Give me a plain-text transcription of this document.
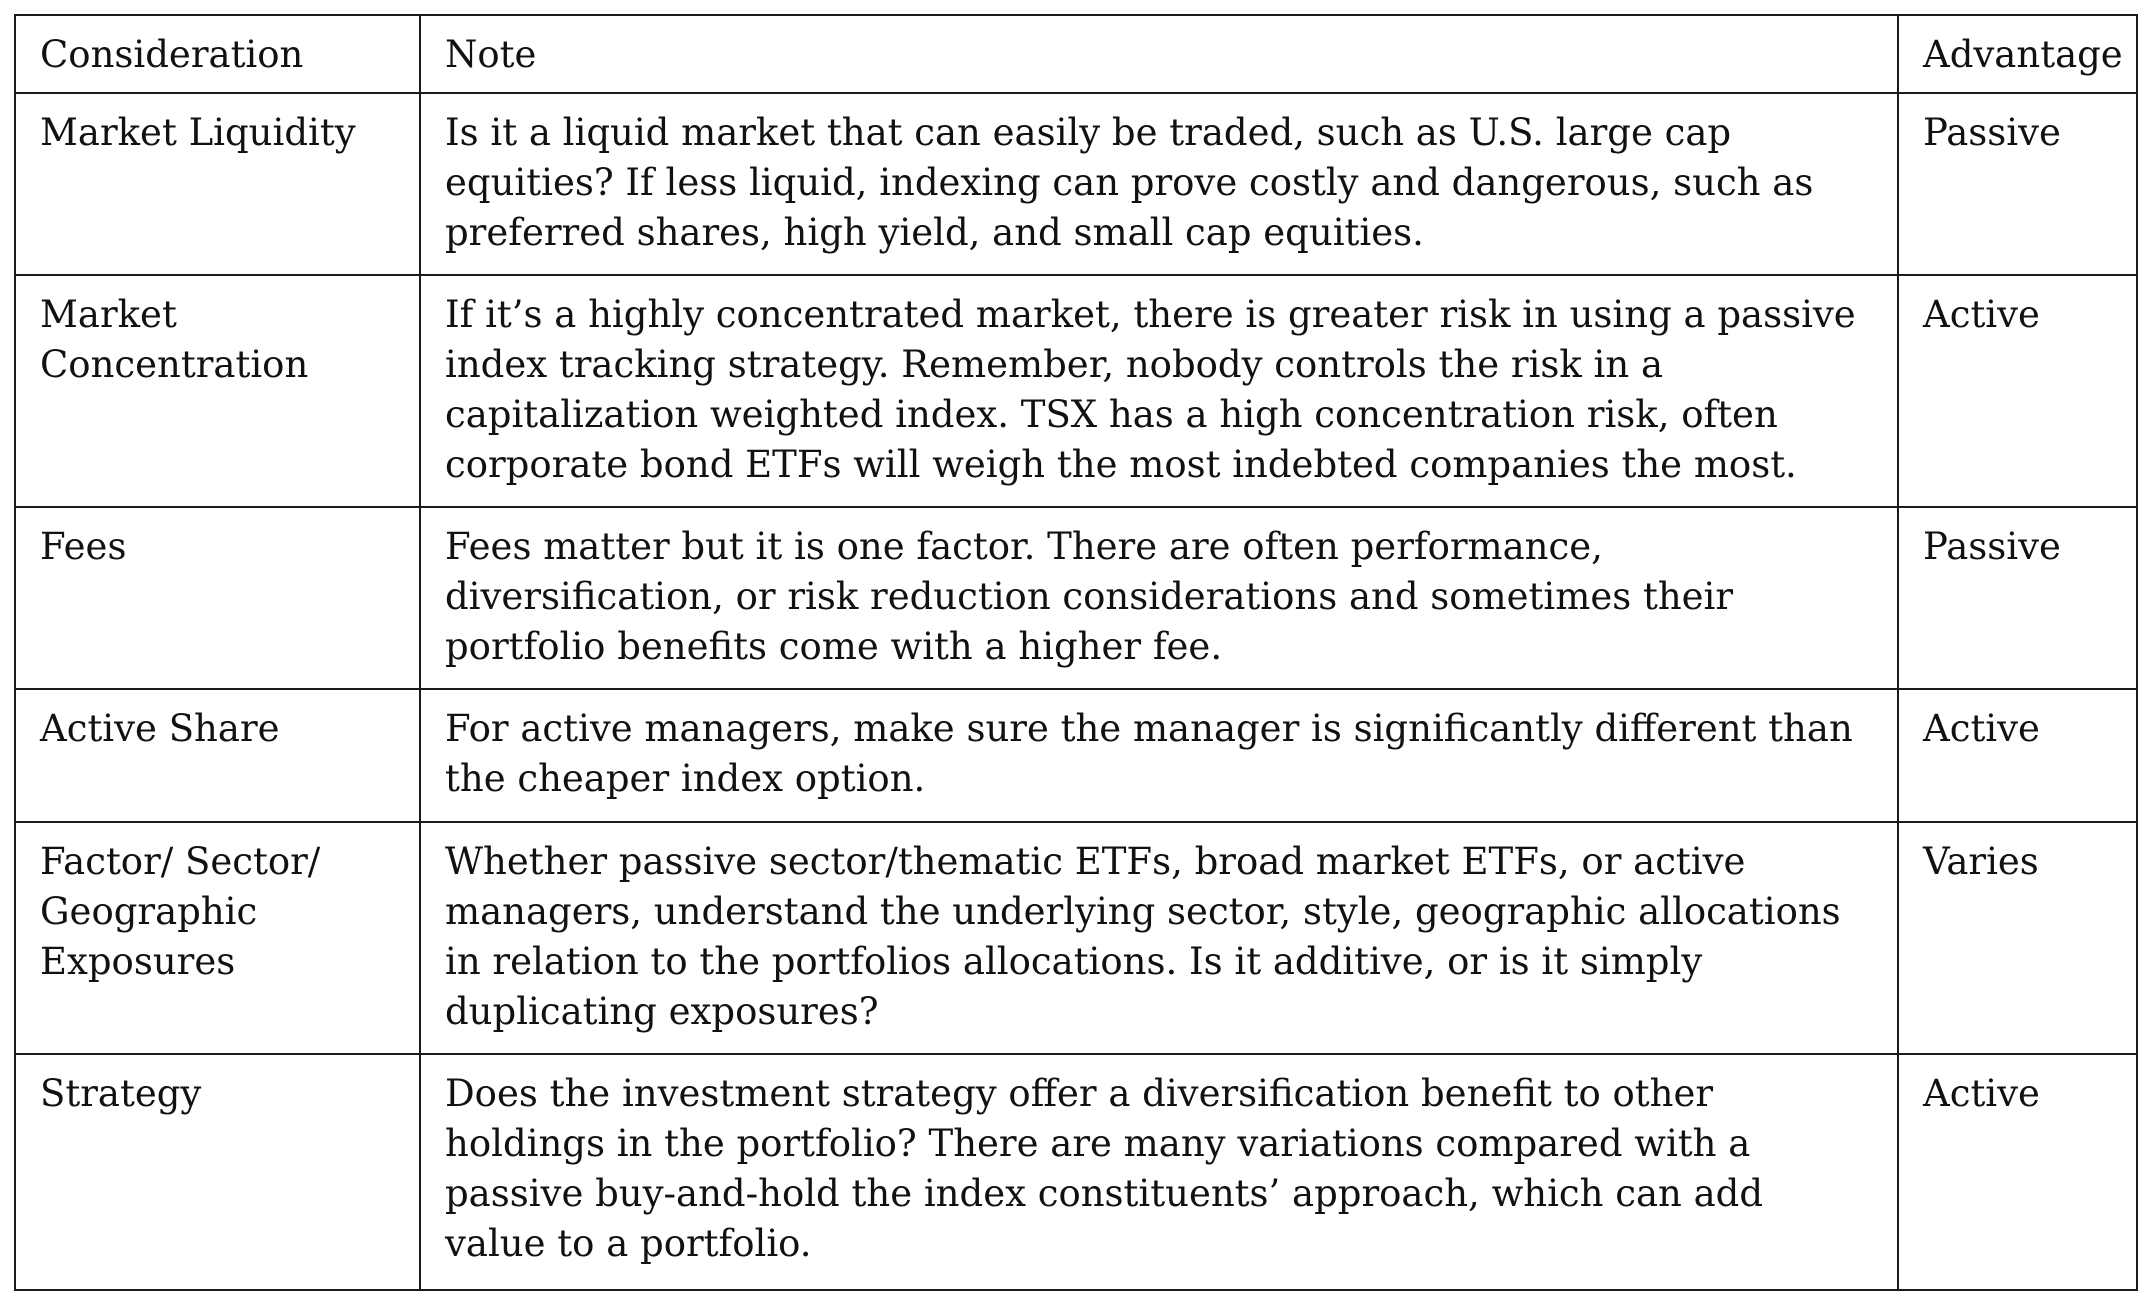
Consideration	Note	Advantage
Market Liquidity	Is it a liquid market that can easily be traded, such as U.S. large cap equities? If less liquid, indexing can prove costly and dangerous, such as preferred shares, high yield, and small cap equities.	Passive
Market Concentration	If it’s a highly concentrated market, there is greater risk in using a passive index tracking strategy. Remember, nobody controls the risk in a capitalization weighted index. TSX has a high concentration risk, often corporate bond ETFs will weigh the most indebted companies the most.	Active
Fees	Fees matter but it is one factor. There are often performance, diversification, or risk reduction considerations and sometimes their portfolio benefits come with a higher fee.	Passive
Active Share	For active managers, make sure the manager is significantly different than the cheaper index option.	Active
Factor/ Sector/ Geographic Exposures	Whether passive sector/thematic ETFs, broad market ETFs, or active managers, understand the underlying sector, style, geographic allocations in relation to the portfolios allocations. Is it additive, or is it simply duplicating exposures?	Varies
Strategy	Does the investment strategy offer a diversification benefit to other holdings in the portfolio? There are many variations compared with a passive buy-and-hold the index constituents’ approach, which can add value to a portfolio.	Active
